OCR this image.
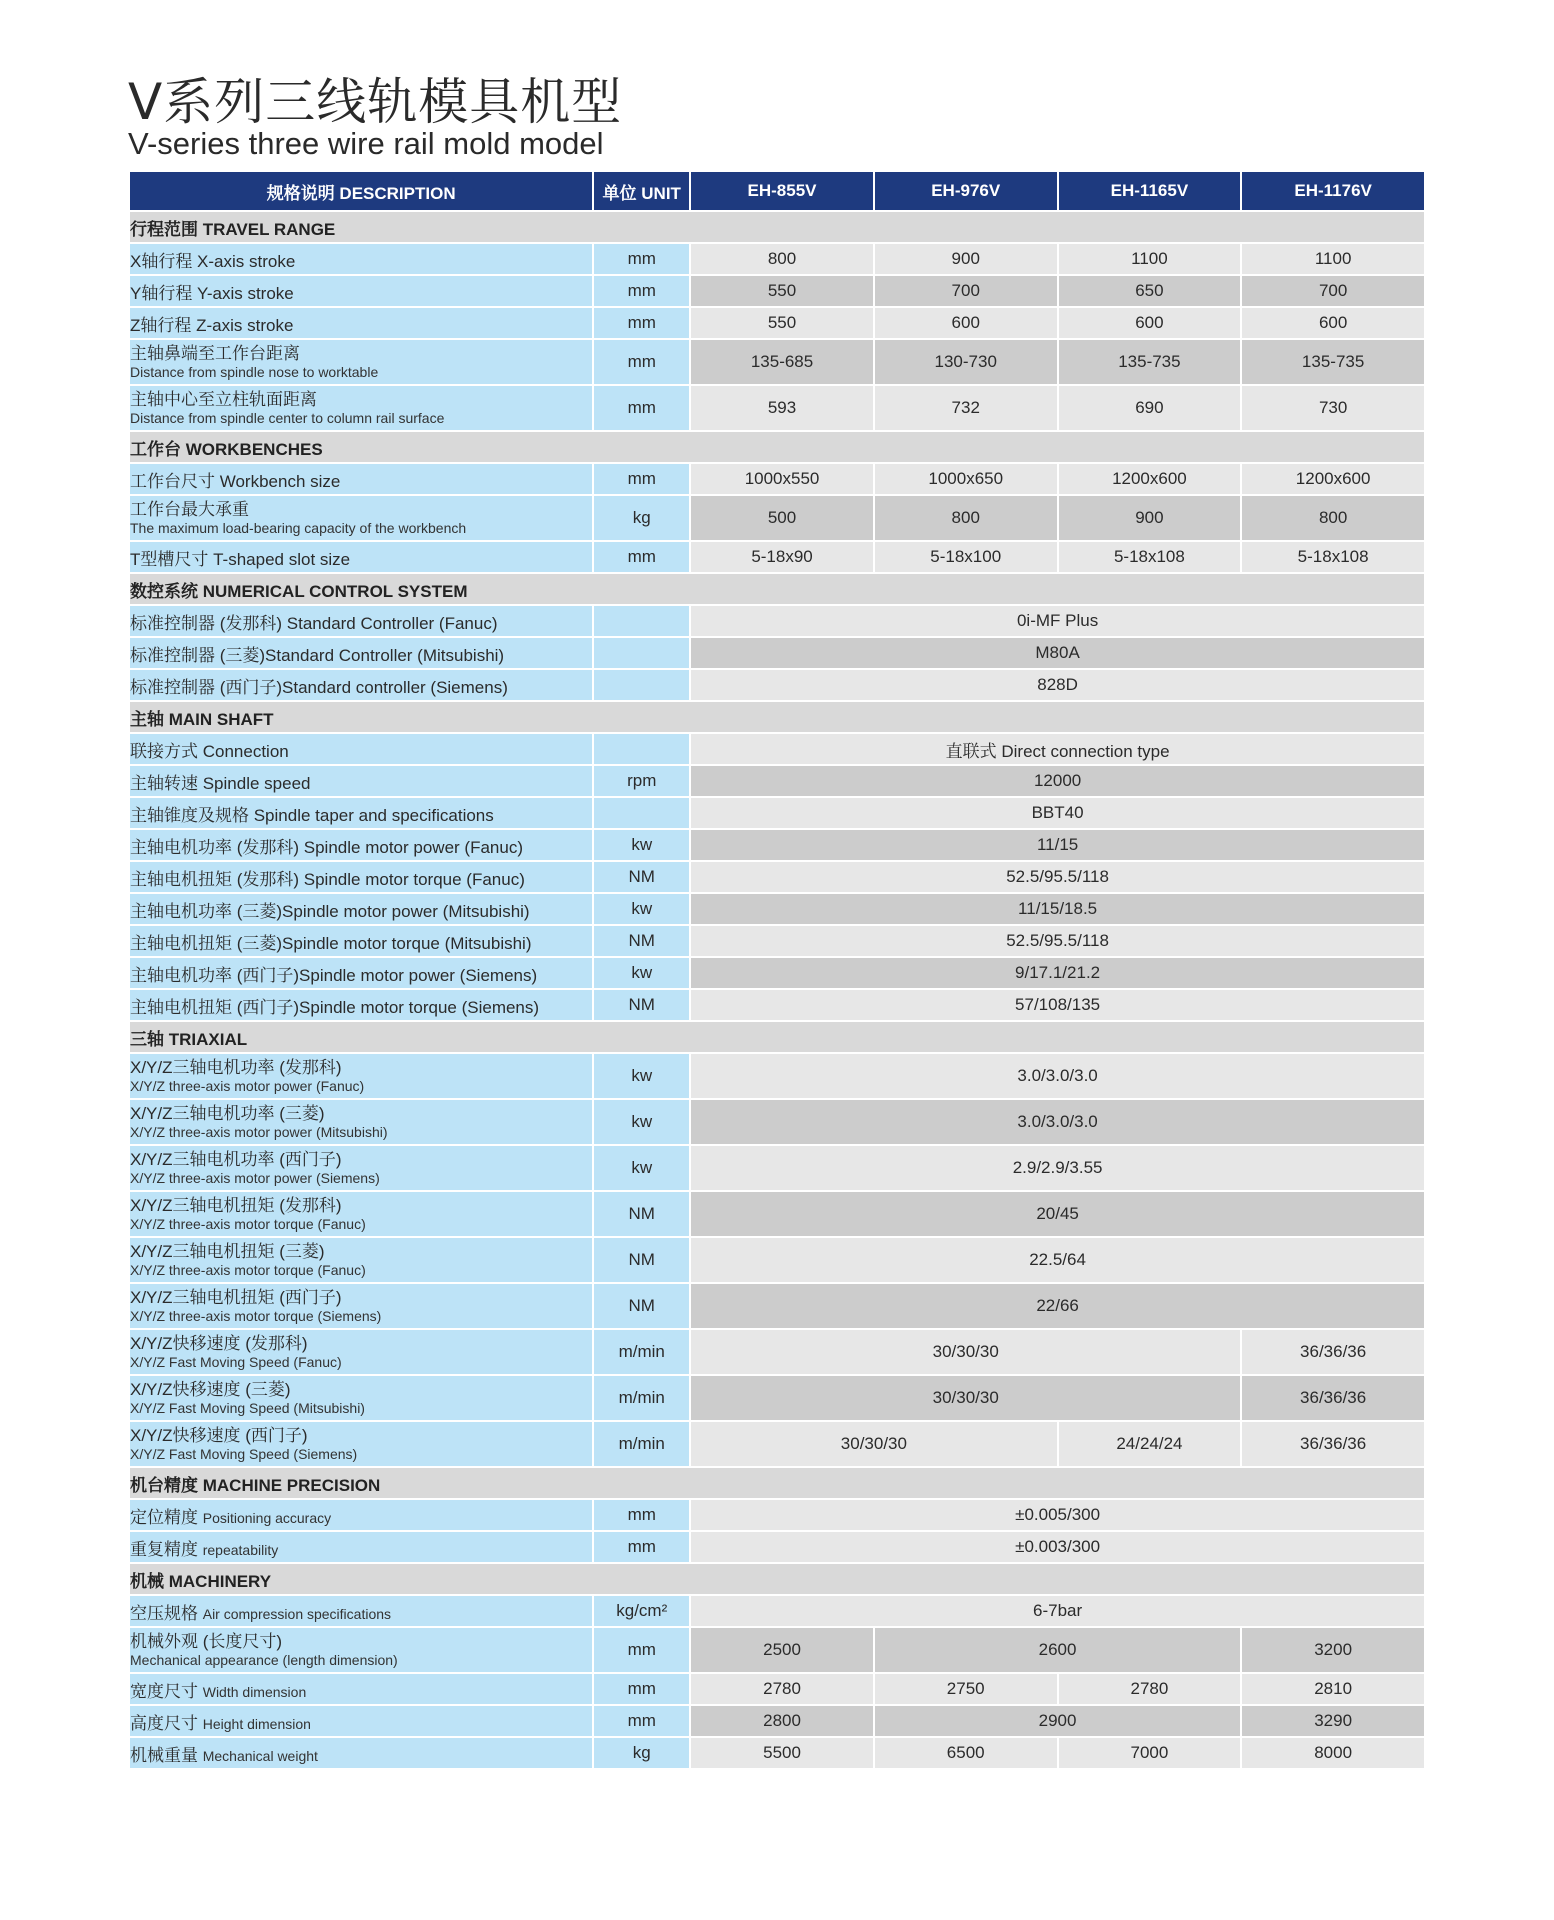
V系列三线轨模具机型
V-series three wire rail mold model
规格说明 DESCRIPTION	单位 UNIT	EH-855V	EH-976V	EH-1165V	EH-1176V
行程范围 TRAVEL RANGE					
X轴行程 X-axis stroke	mm	800	900	1100	1100
Y轴行程 Y-axis stroke	mm	550	700	650	700
Z轴行程 Z-axis stroke	mm	550	600	600	600

主轴鼻端至工作台距离
Distance from spindle nose to worktable	mm	135-685	130-730	135-735	135-735

主轴中心至立柱轨面距离
Distance from spindle center to column rail surface	mm	593	732	690	730
工作台 WORKBENCHES					
工作台尺寸 Workbench size	mm	1000x550	1000x650	1200x600	1200x600

工作台最大承重
The maximum load-bearing capacity of the workbench	kg	500	800	900	800
T型槽尺寸 T-shaped slot size	mm	5-18x90	5-18x100	5-18x108	5-18x108
数控系统 NUMERICAL CONTROL SYSTEM					
标准控制器 (发那科) Standard Controller (Fanuc)		0i-MF Plus			
标准控制器 (三菱)Standard Controller (Mitsubishi)		M80A			
标准控制器 (西门子)Standard controller (Siemens)		828D			
主轴 MAIN SHAFT					
联接方式 Connection		直联式 Direct connection type			
主轴转速 Spindle speed	rpm	12000			
主轴锥度及规格 Spindle taper and specifications		BBT40			
主轴电机功率 (发那科) Spindle motor power (Fanuc)	kw	11/15			
主轴电机扭矩 (发那科) Spindle motor torque (Fanuc)	NM	52.5/95.5/118			
主轴电机功率 (三菱)Spindle motor power (Mitsubishi)	kw	11/15/18.5			
主轴电机扭矩 (三菱)Spindle motor torque (Mitsubishi)	NM	52.5/95.5/118			
主轴电机功率 (西门子)Spindle motor power (Siemens)	kw	9/17.1/21.2			
主轴电机扭矩 (西门子)Spindle motor torque (Siemens)	NM	57/108/135			
三轴 TRIAXIAL					

X/Y/Z三轴电机功率 (发那科)
X/Y/Z three-axis motor power (Fanuc)	kw	3.0/3.0/3.0			

X/Y/Z三轴电机功率 (三菱)
X/Y/Z three-axis motor power (Mitsubishi)	kw	3.0/3.0/3.0			

X/Y/Z三轴电机功率 (西门子)
X/Y/Z three-axis motor power (Siemens)	kw	2.9/2.9/3.55			

X/Y/Z三轴电机扭矩 (发那科)
X/Y/Z three-axis motor torque (Fanuc)	NM	20/45			

X/Y/Z三轴电机扭矩 (三菱)
X/Y/Z three-axis motor torque (Fanuc)	NM	22.5/64			

X/Y/Z三轴电机扭矩 (西门子)
X/Y/Z three-axis motor torque (Siemens)	NM	22/66			

X/Y/Z快移速度 (发那科)
X/Y/Z Fast Moving Speed (Fanuc)	m/min	30/30/30			36/36/36

X/Y/Z快移速度 (三菱)
X/Y/Z Fast Moving Speed (Mitsubishi)	m/min	30/30/30			36/36/36

X/Y/Z快移速度 (西门子)
X/Y/Z Fast Moving Speed (Siemens)	m/min	30/30/30		24/24/24	36/36/36
机台精度 MACHINE PRECISION					
定位精度 Positioning accuracy	mm	±0.005/300			
重复精度 repeatability	mm	±0.003/300			
机械 MACHINERY					
空压规格 Air compression specifications	kg/cm²	6-7bar			

机械外观 (长度尺寸)
Mechanical appearance (length dimension)	mm	2500	2600		3200
宽度尺寸 Width dimension	mm	2780	2750	2780	2810
高度尺寸 Height dimension	mm	2800	2900		3290
机械重量 Mechanical weight	kg	5500	6500	7000	8000
